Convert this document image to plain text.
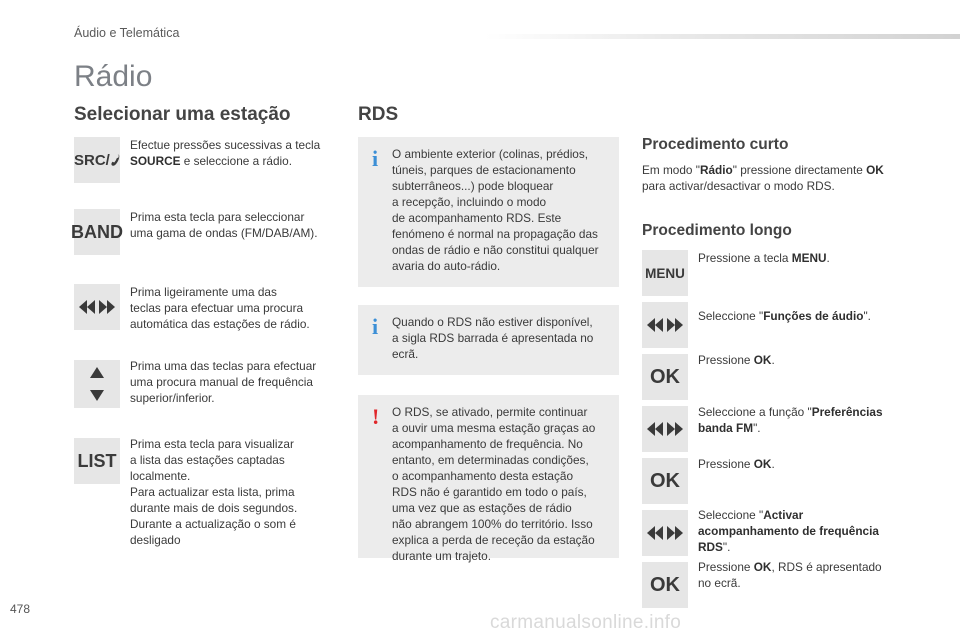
Áudio e Telemática
Rádio
Selecionar uma estação
SRC/
Efectue pressões sucessivas a tecla
SOURCE e seleccione a rádio.
BAND
Prima esta tecla para seleccionar
uma gama de ondas (FM/DAB/AM).
Prima ligeiramente uma das
teclas para efectuar uma procura
automática das estações de rádio.
Prima uma das teclas para efectuar
uma procura manual de frequência
superior/inferior.
LIST
Prima esta tecla para visualizar
a lista das estações captadas
localmente.
Para actualizar esta lista, prima
durante mais de dois segundos.
Durante a actualização o som é
desligado
RDS
i O ambiente exterior (colinas, prédios,
túneis, parques de estacionamento
subterrâneos...) pode bloquear
a recepção, incluindo o modo
de acompanhamento RDS. Este
fenómeno é normal na propagação das
ondas de rádio e não constitui qualquer
avaria do auto-rádio.
i Quando o RDS não estiver disponível,
a sigla RDS barrada é apresentada no
ecrã.
! O RDS, se ativado, permite continuar
a ouvir uma mesma estação graças ao
acompanhamento de frequência. No
entanto, em determinadas condições,
o acompanhamento desta estação
RDS não é garantido em todo o país,
uma vez que as estações de rádio
não abrangem 100% do território. Isso
explica a perda de receção da estação
durante um trajeto.
Procedimento curto
Em modo "Rádio" pressione directamente OK
para activar/desactivar o modo RDS.
Procedimento longo
MENU
Pressione a tecla MENU.
Seleccione "Funções de áudio".
OK
Pressione OK.
Seleccione a função "Preferências
banda FM".
OK
Pressione OK.
Seleccione "Activar
acompanhamento de frequência
RDS".
OK
Pressione OK, RDS é apresentado
no ecrã.
478
carmanualsonline.info
